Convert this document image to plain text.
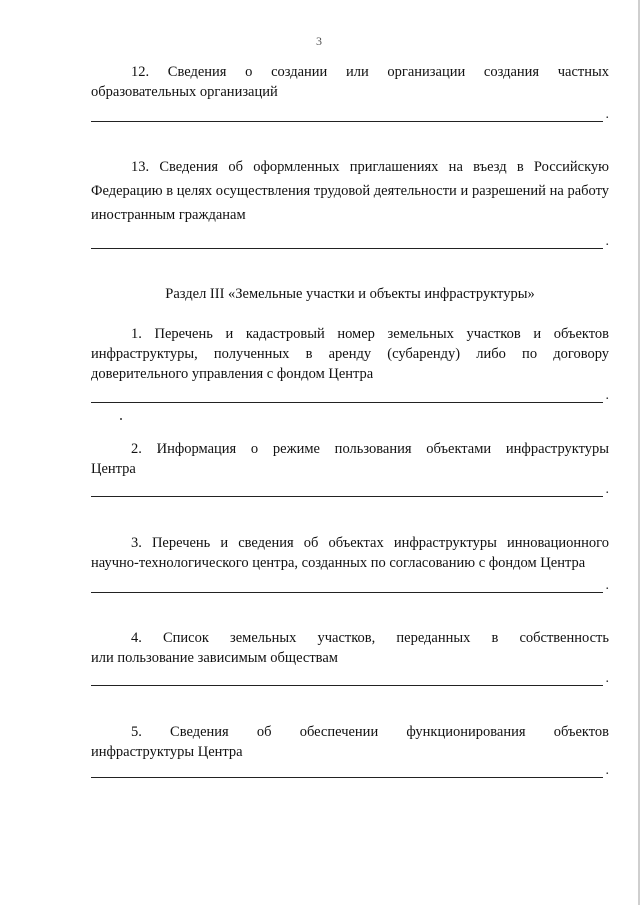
3
12. Сведения о создании или организации создания частных
образовательных организаций
.
13. Сведения об оформленных приглашениях на въезд в Российскую
Федерацию в целях осуществления трудовой деятельности и разрешений на работу иностранным гражданам
.
Раздел III «Земельные участки и объекты инфраструктуры»
1. Перечень и кадастровый номер земельных участков и объектов
инфраструктуры, полученных в аренду (субаренду) либо по договору доверительного управления с фондом Центра
.
2. Информация о режиме пользования объектами инфраструктуры
Центра
.
3. Перечень и сведения об объектах инфраструктуры инновационного
научно-технологического центра, созданных по согласованию с фондом Центра
.
4. Список земельных участков, переданных в собственность
или пользование зависимым обществам
.
5. Сведения об обеспечении функционирования объектов
инфраструктуры Центра
.
